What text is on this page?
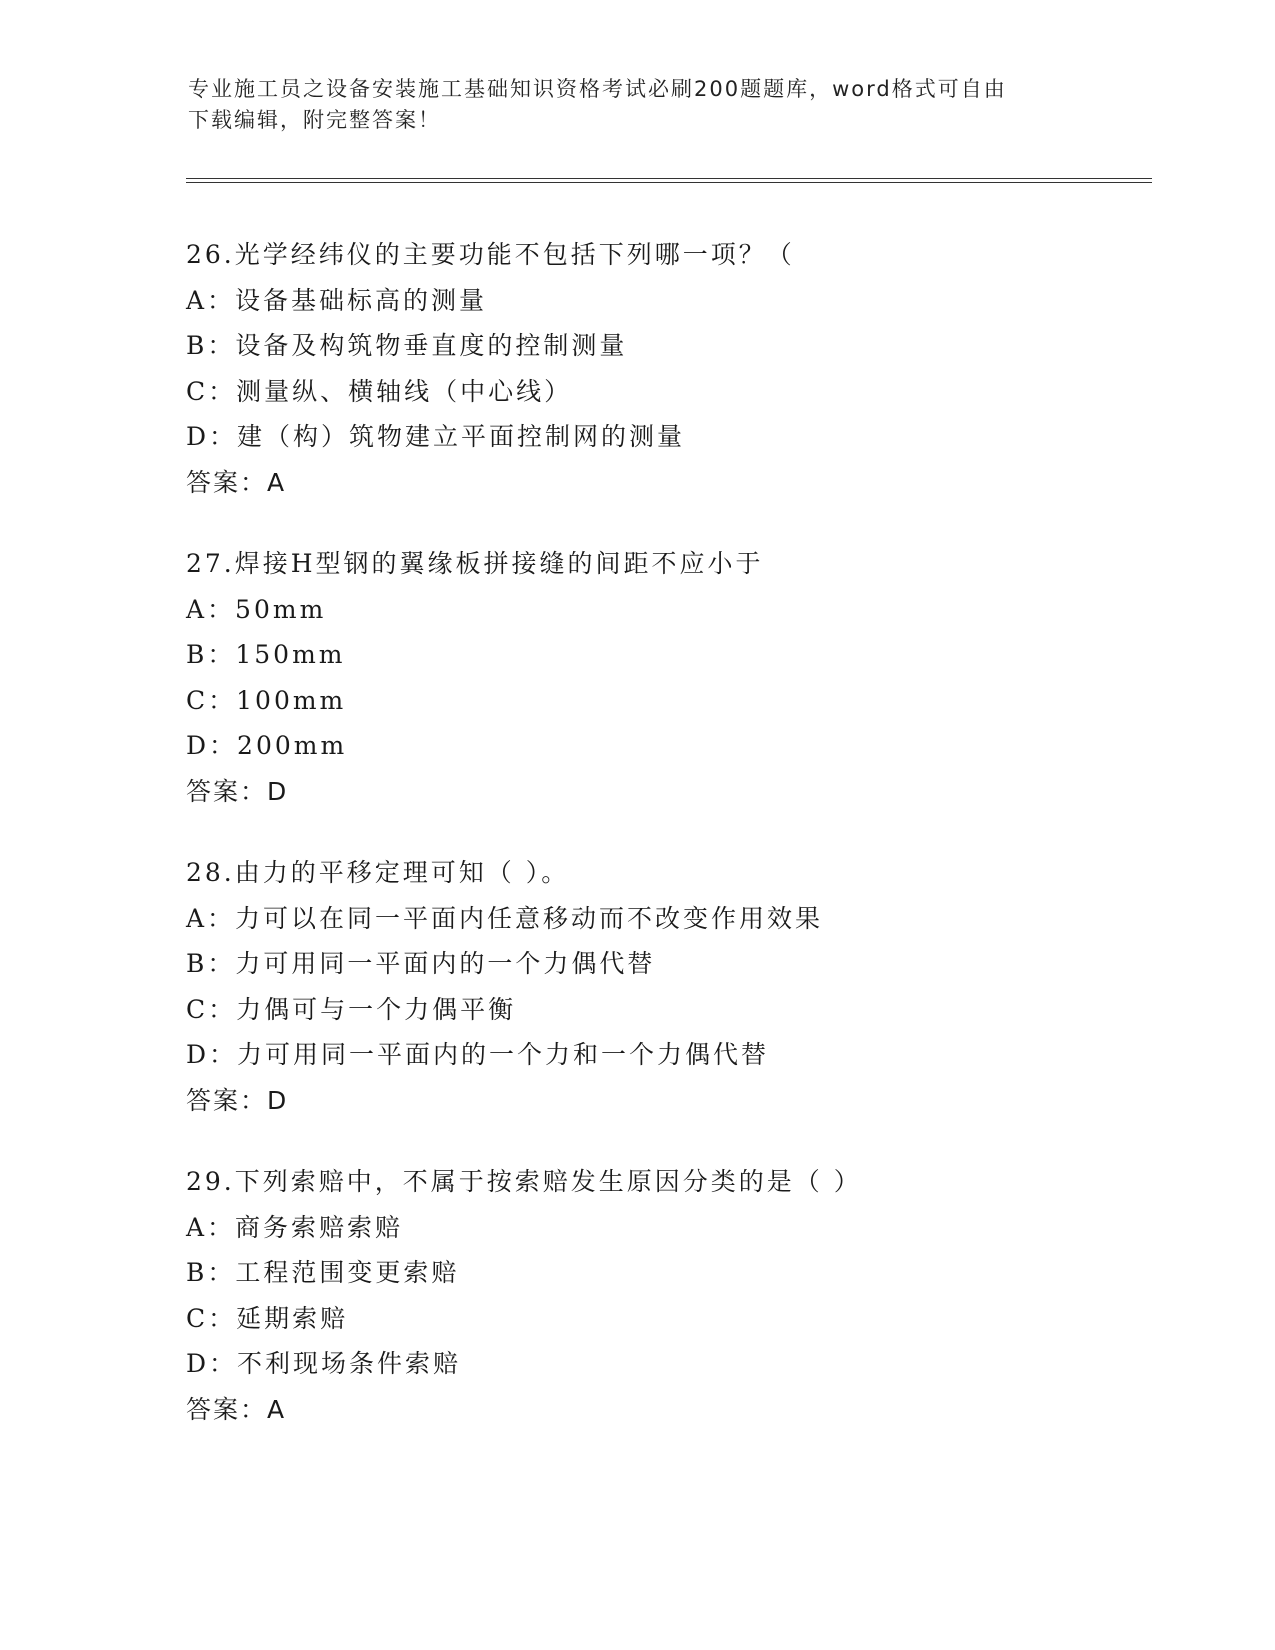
专业施工员之设备安装施工基础知识资格考试必刷200题题库，word格式可自由
下载编辑，附完整答案！
26.光学经纬仪的主要功能不包括下列哪一项？（
A：设备基础标高的测量
B：设备及构筑物垂直度的控制测量
C：测量纵、横轴线（中心线）
D：建（构）筑物建立平面控制网的测量
答案：A
27.焊接H型钢的翼缘板拼接缝的间距不应小于
A：50mm
B：150mm
C：100mm
D：200mm
答案：D
28.由力的平移定理可知（ ）。
A：力可以在同一平面内任意移动而不改变作用效果
B：力可用同一平面内的一个力偶代替
C：力偶可与一个力偶平衡
D：力可用同一平面内的一个力和一个力偶代替
答案：D
29.下列索赔中，不属于按索赔发生原因分类的是（ ）
A：商务索赔索赔
B：工程范围变更索赔
C：延期索赔
D：不利现场条件索赔
答案：A
